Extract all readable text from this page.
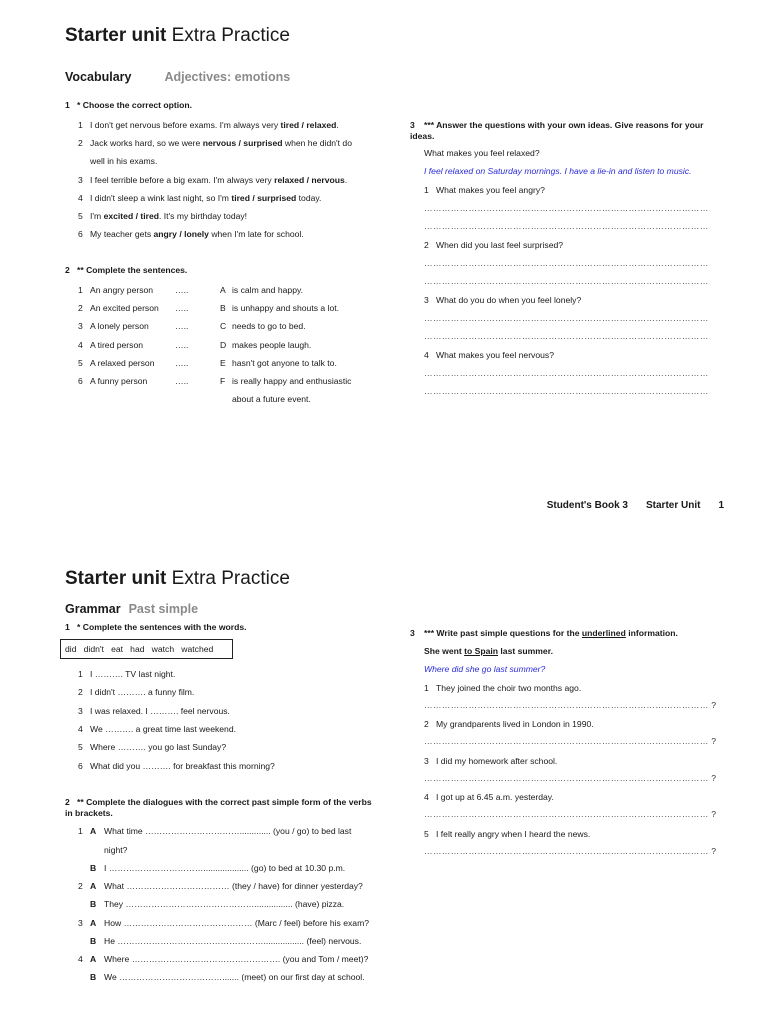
Starter unit Extra Practice
Vocabulary	Adjectives: emotions
1 * Choose the correct option.
1 I don't get nervous before exams. I'm always very tired / relaxed.
2 Jack works hard, so we were nervous / surprised when he didn't do
well in his exams.
3 I feel terrible before a big exam. I'm always very relaxed / nervous.
4 I didn't sleep a wink last night, so I'm tired / surprised today.
5 I'm excited / tired. It's my birthday today!
6 My teacher gets angry / lonely when I'm late for school.
2 ** Complete the sentences.
1 An angry person	…..
2 An excited person …..
3 A lonely person	…..
4 A tired person	…..
5 A relaxed person …..
6 A funny person	…..
A is calm and happy.
B is unhappy and shouts a lot.
C needs to go to bed.
D makes people laugh.
E hasn't got anyone to talk to.
F is really happy and enthusiastic
about a future event.
3 *** Answer the questions with your own ideas. Give reasons for your ideas.
What makes you feel relaxed?
I feel relaxed on Saturday mornings. I have a lie-in and listen to music.
1 What makes you feel angry?
……………………………………………………………………………………
……………………………………………………………………………………
2 When did you last feel surprised?
……………………………………………………………………………………
……………………………………………………………………………………
3 What do you do when you feel lonely?
……………………………………………………………………………………
……………………………………………………………………………………
4 What makes you feel nervous?
……………………………………………………………………………………
……………………………………………………………………………………
Student's Book 3 Starter Unit 1
Starter unit Extra Practice
Grammar Past simple
1 * Complete the sentences with the words.
did   didn't   eat   had   watch   watched
1 I ………. TV last night.
2 I didn't ………. a funny film.
3 I was relaxed. I ………. feel nervous.
4 We ………. a great time last weekend.
5 Where ………. you go last Sunday?
6 What did you ………. for breakfast this morning?
2 ** Complete the dialogues with the correct past simple form of the verbs in brackets.
1 A What time ……………………………............. (you / go) to bed last
night?
B I ……………………………................... (go) to bed at 10.30 p.m.
2 A What ……………………………… (they / have) for dinner yesterday?
B They ………………………………………................ (have) pizza.
3 A How ……………………………………… (Marc / feel) before his exam?
B He ……………………………………………................. (feel) nervous.
4 A Where ……………………………………………. (you and Tom / meet)?
B We ………………………………....... (meet) on our first day at school.
3 *** Write past simple questions for the underlined information.
She went to Spain last summer.
Where did she go last summer?
1 They joined the choir two months ago.
…………………………………………………………………………………… ?
2 My grandparents lived in London in 1990.
…………………………………………………………………………………… ?
3 I did my homework after school.
…………………………………………………………………………………… ?
4 I got up at 6.45 a.m. yesterday.
…………………………………………………………………………………… ?
5 I felt really angry when I heard the news.
…………………………………………………………………………………… ?
